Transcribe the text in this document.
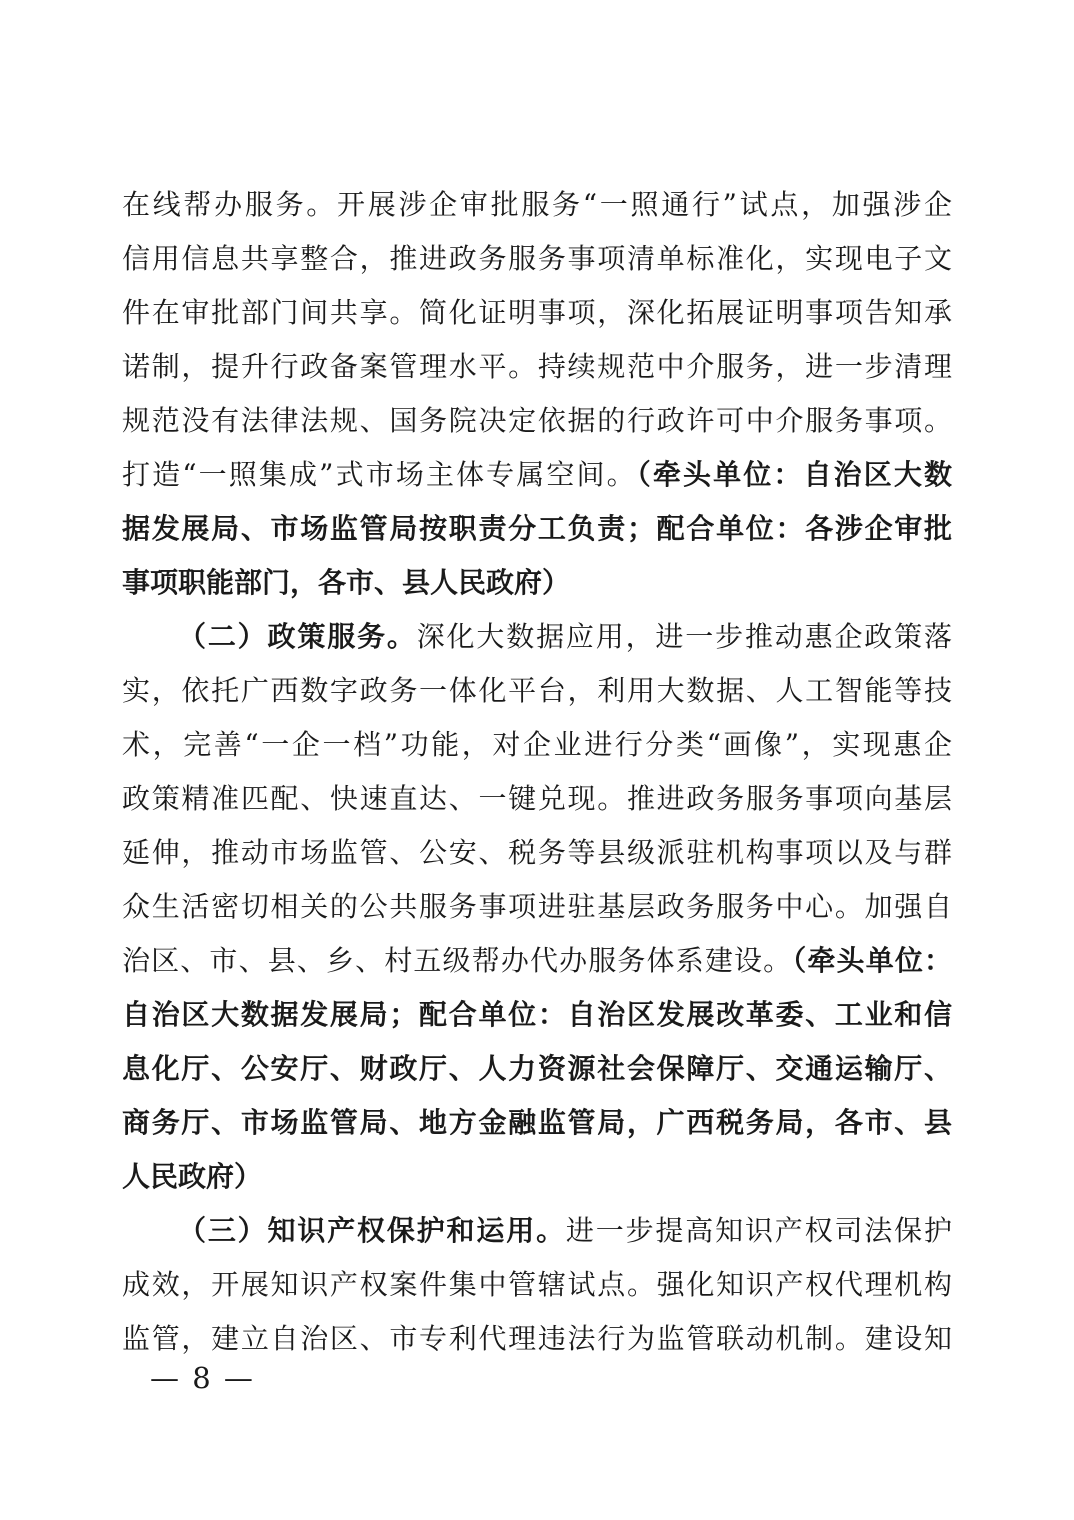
在线帮办服务。开展涉企审批服务“一照通行”试点，加强涉企
信用信息共享整合，推进政务服务事项清单标准化，实现电子文
件在审批部门间共享。简化证明事项，深化拓展证明事项告知承
诺制，提升行政备案管理水平。持续规范中介服务，进一步清理
规范没有法律法规、国务院决定依据的行政许可中介服务事项。
打造“一照集成”式市场主体专属空间。（牵头单位：自治区大数
据发展局、市场监管局按职责分工负责；配合单位：各涉企审批
事项职能部门，各市、县人民政府）
（二）政策服务。深化大数据应用，进一步推动惠企政策落
实，依托广西数字政务一体化平台，利用大数据、人工智能等技
术，完善“一企一档”功能，对企业进行分类“画像”，实现惠企
政策精准匹配、快速直达、一键兑现。推进政务服务事项向基层
延伸，推动市场监管、公安、税务等县级派驻机构事项以及与群
众生活密切相关的公共服务事项进驻基层政务服务中心。加强自
治区、市、县、乡、村五级帮办代办服务体系建设。（牵头单位：
自治区大数据发展局；配合单位：自治区发展改革委、工业和信
息化厅、公安厅、财政厅、人力资源社会保障厅、交通运输厅、
商务厅、市场监管局、地方金融监管局，广西税务局，各市、县
人民政府）
（三）知识产权保护和运用。进一步提高知识产权司法保护
成效，开展知识产权案件集中管辖试点。强化知识产权代理机构
监管，建立自治区、市专利代理违法行为监管联动机制。建设知
— 8 —
